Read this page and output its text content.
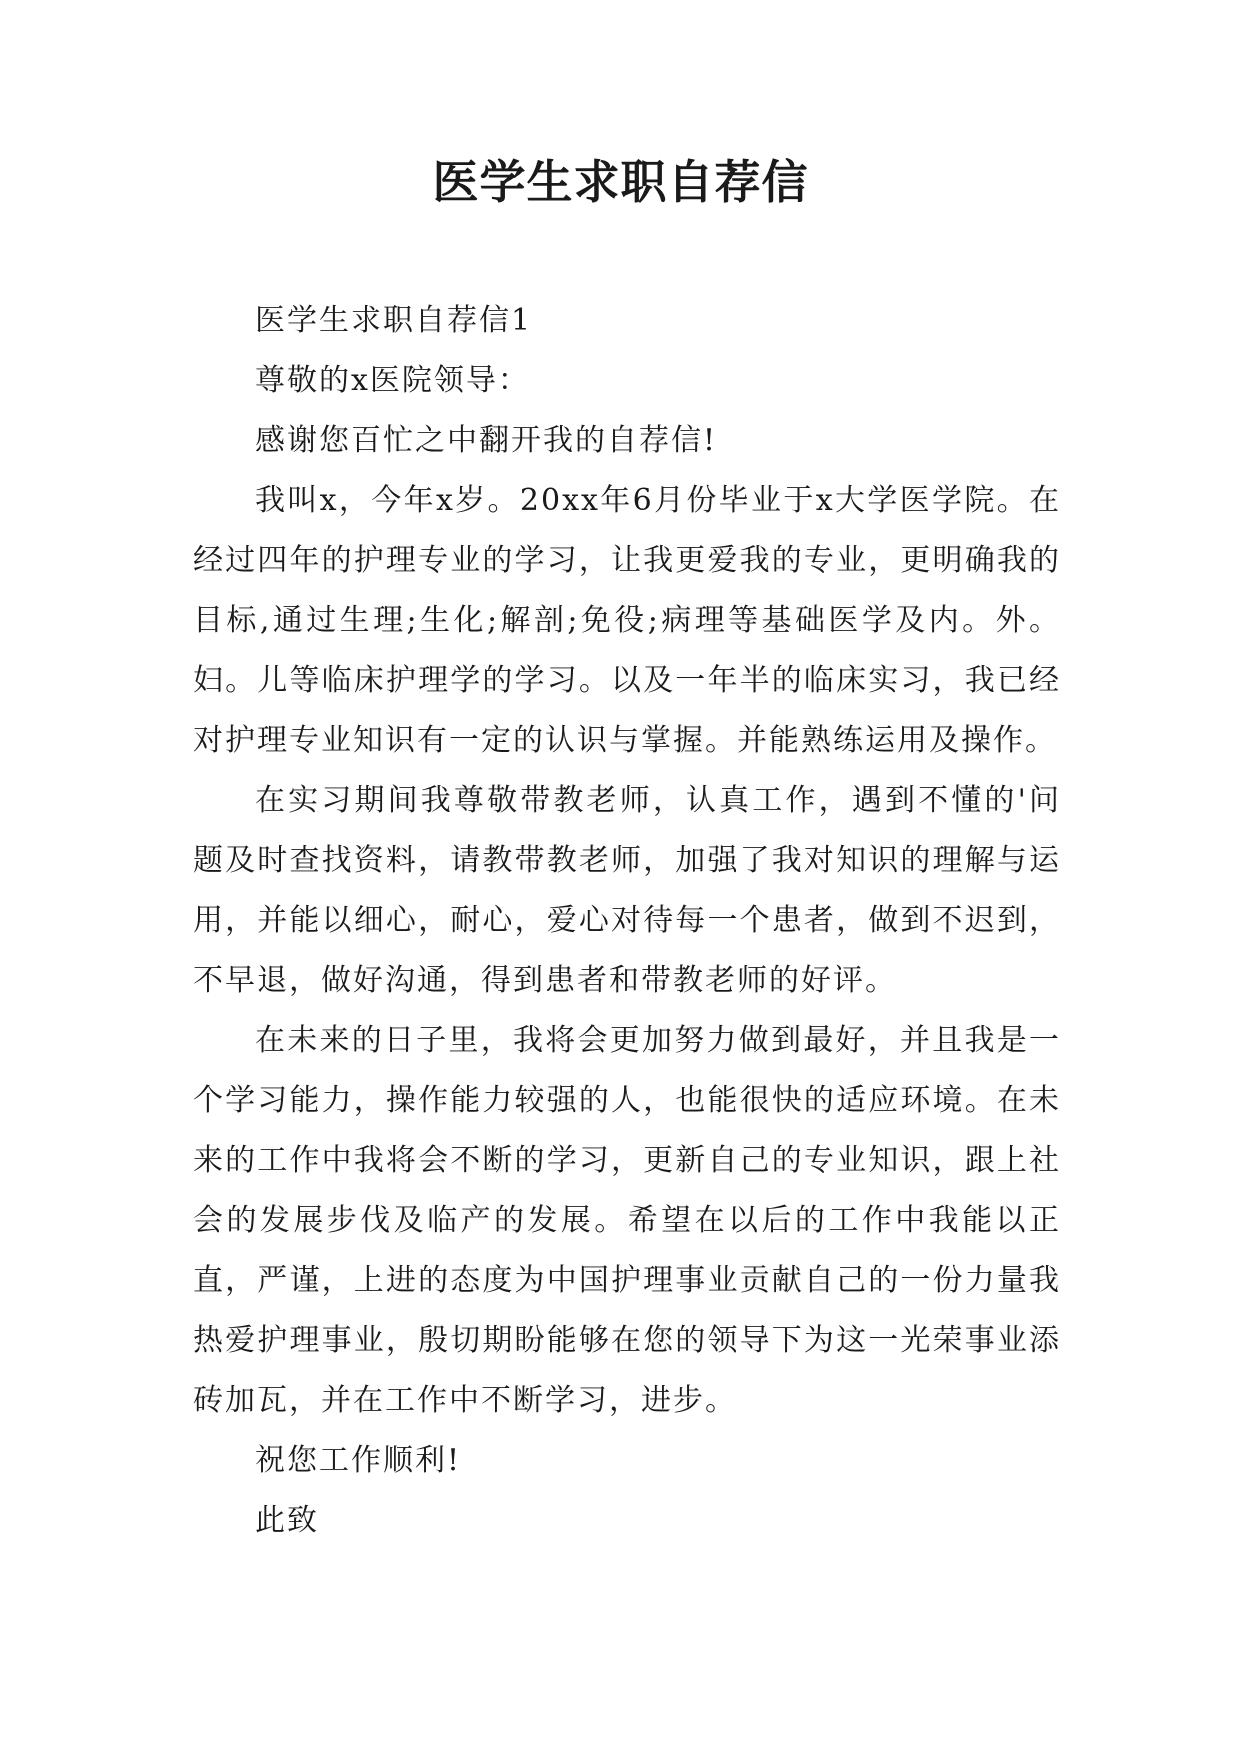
医学生求职自荐信

医学生求职自荐信1

尊敬的x医院领导：

感谢您百忙之中翻开我的自荐信!

我叫x，今年x岁。20xx年6月份毕业于x大学医学院。在经过四年的护理专业的学习，让我更爱我的专业，更明确我的目标,通过生理;生化;解剖;免役;病理等基础医学及内。外。妇。儿等临床护理学的学习。以及一年半的临床实习，我已经对护理专业知识有一定的认识与掌握。并能熟练运用及操作。

在实习期间我尊敬带教老师，认真工作，遇到不懂的'问题及时查找资料，请教带教老师，加强了我对知识的理解与运用，并能以细心，耐心，爱心对待每一个患者，做到不迟到，不早退，做好沟通，得到患者和带教老师的好评。

在未来的日子里，我将会更加努力做到最好，并且我是一个学习能力，操作能力较强的人，也能很快的适应环境。在未来的工作中我将会不断的学习，更新自己的专业知识，跟上社会的发展步伐及临产的发展。希望在以后的工作中我能以正直，严谨，上进的态度为中国护理事业贡献自己的一份力量我热爱护理事业，殷切期盼能够在您的领导下为这一光荣事业添砖加瓦，并在工作中不断学习，进步。

祝您工作顺利!

此致
